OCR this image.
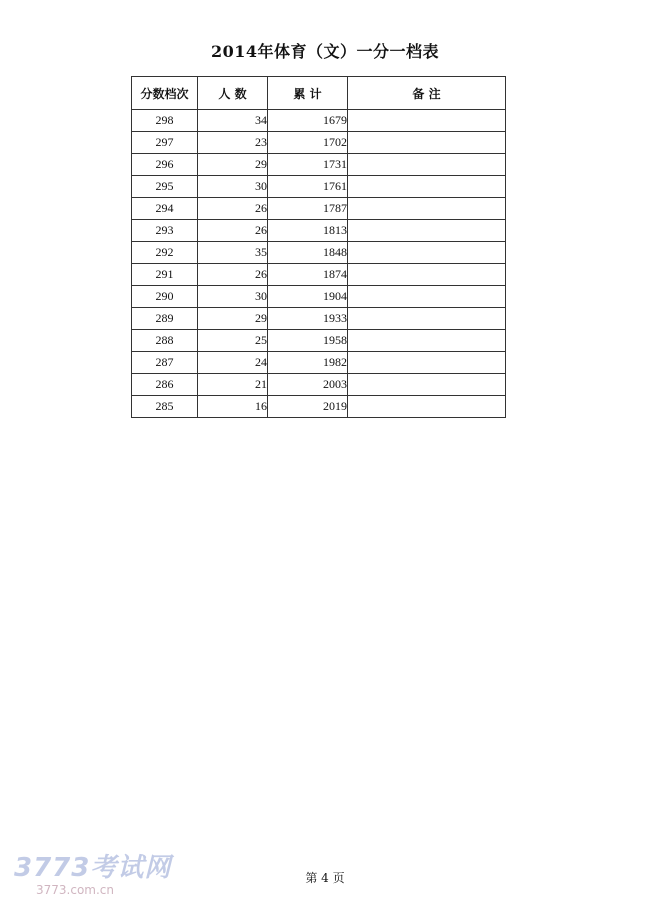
2014年体育（文）一分一档表
分数档次	人 数	累 计	备 注
298	34	1679	
297	23	1702	
296	29	1731	
295	30	1761	
294	26	1787	
293	26	1813	
292	35	1848	
291	26	1874	
290	30	1904	
289	29	1933	
288	25	1958	
287	24	1982	
286	21	2003	
285	16	2019	
第 4 页
3773考试网
3773.com.cn
